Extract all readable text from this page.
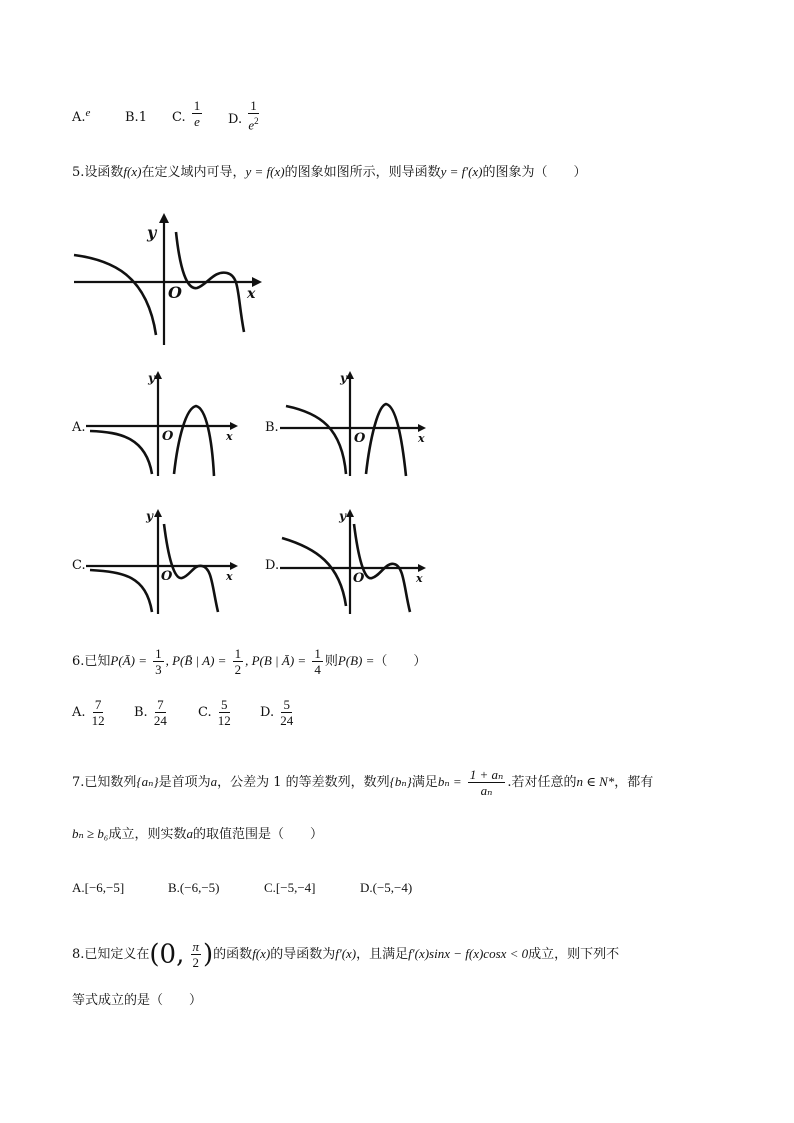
A.$^e$	B.1 C. $\frac{1}{e} D$. $\frac{1}{e^2}$
5.设函数f(x)在定义域内可导，y = f(x)的图象如图所示，则导函数y = f′(x)的图象为（　　）
y
O	x
A.
y
O	x
B.
y
O	x
C.
y
O	x
D.
y
O	x
6.已知P(Ā) = $\frac{1}{3}$ , P(B̄ | $A) = \frac{1}{2}$ , P(B | Ā) = $\frac{1}{4}$ 则P(B) =（　　）
A. $\frac{7}{12} B$. $\frac{7}{24} C$. $\frac{5}{12} D$. $\frac{5}{24}$
7.已知数列{aₙ}是首项为a，公差为 1 的等差数列，数列{bₙ}满足$b_n = \frac{\text{1 + aₙ}}{\text{aₙ}}$ .若对任意的n ∈ N*，都有
bₙ ≥ b₆成立，则实数a的取值范围是（　　）
A.[−6,−5]	B.(−6,−5)	C.[−5,−4]	D.(−5,−4)
8.已知定义在(0, $\frac{\pi}{2}$ )的函数f(x)的导函数为f′(x)，且满足f′(x)sinx − f(x)cosx < 0成立，则下列不
等式成立的是（　　）
